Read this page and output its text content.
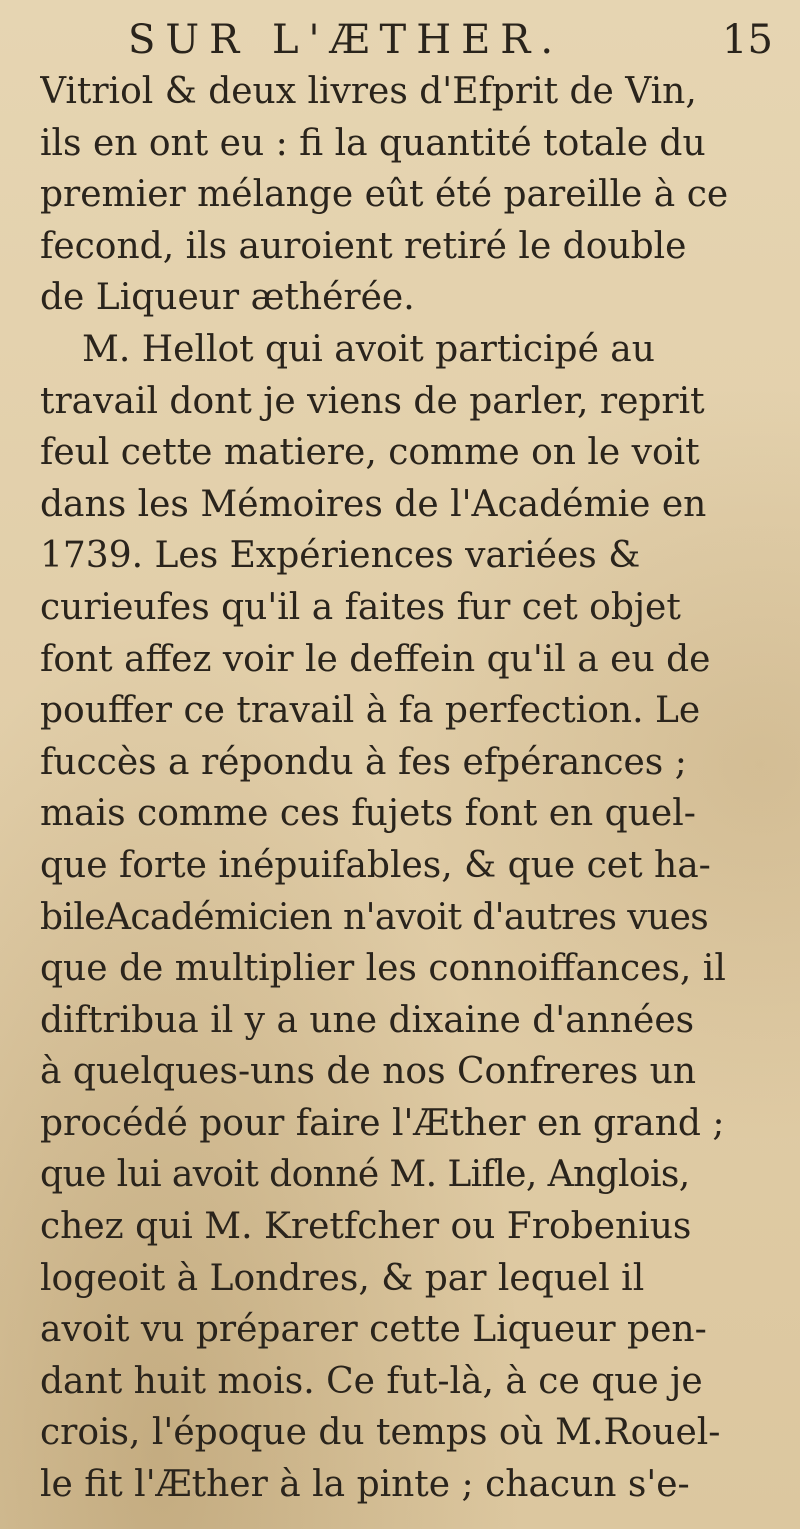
SUR L'ÆTHER.	15
Vitriol & deux livres d'Efprit de Vin,
ils en ont eu : fi la quantité totale du
premier mélange eût été pareille à ce
fecond, ils auroient retiré le double
de Liqueur æthérée.
M. Hellot qui avoit participé au
travail dont je viens de parler, reprit
feul cette matiere, comme on le voit
dans les Mémoires de l'Académie en
1739. Les Expériences variées &
curieufes qu'il a faites fur cet objet
font affez voir le deffein qu'il a eu de
pouffer ce travail à fa perfection. Le
fuccès a répondu à fes efpérances ;
mais comme ces fujets font en quel-
que forte inépuifables, & que cet ha-
bileAcadémicien n'avoit d'autres vues
que de multiplier les connoiffances, il
diftribua il y a une dixaine d'années
à quelques-uns de nos Confreres un
procédé pour faire l'Æther en grand ;
que lui avoit donné M. Lifle, Anglois,
chez qui M. Kretfcher ou Frobenius
logeoit à Londres, & par lequel il
avoit vu préparer cette Liqueur pen-
dant huit mois. Ce fut-là, à ce que je
crois, l'époque du temps où M.Rouel-
le fit l'Æther à la pinte ; chacun s'e-
